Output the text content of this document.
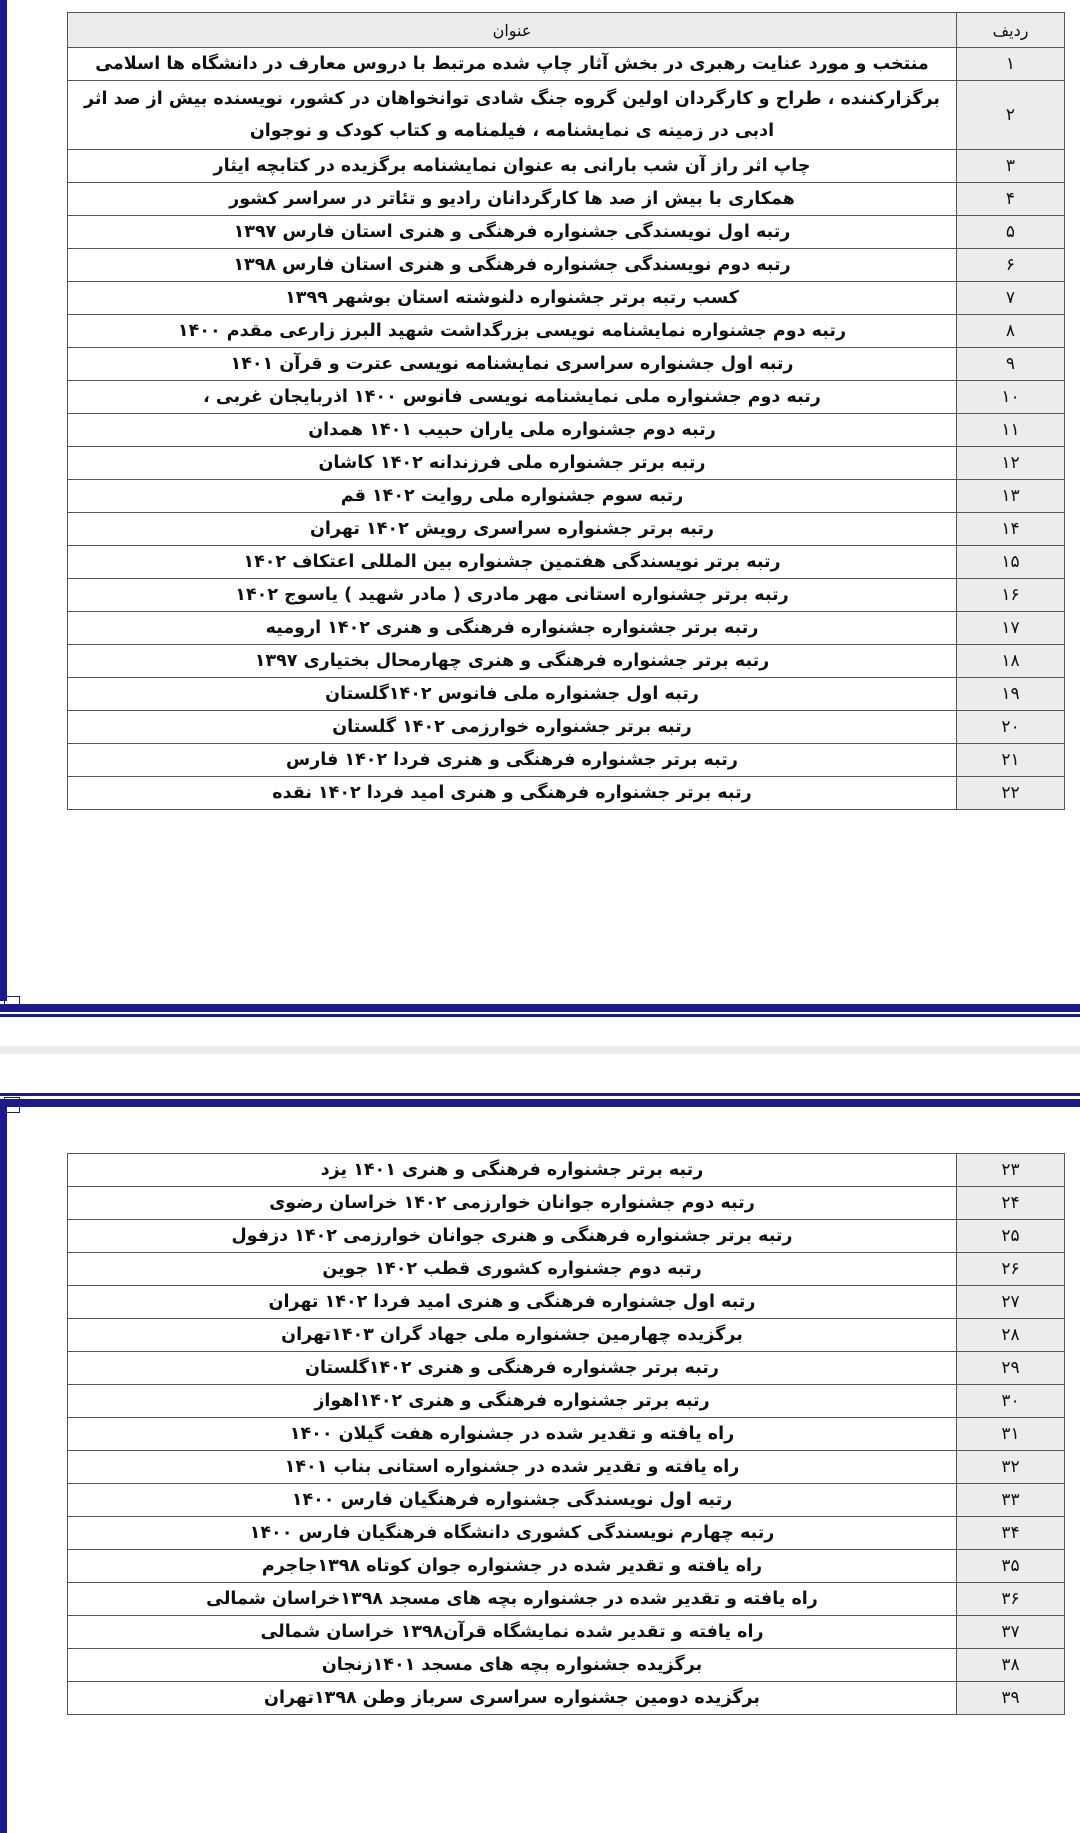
ردیف	عنوان
۱	منتخب و مورد عنایت رهبری در بخش آثار چاپ شده مرتبط با دروس معارف در دانشگاه ها اسلامی

۲	برگزارکننده ، طراح و کارگردان اولین گروه جنگ شادی توانخواهان در کشور، نویسنده بیش از صد اثر ادبی در زمینه ی نمایشنامه ، فیلمنامه و کتاب کودک و نوجوان

۳	چاپ اثر راز آن شب بارانی به عنوان نمایشنامه برگزیده در کتابچه ایثار

۴	همکاری با بیش از صد ها کارگردانان رادیو و تئاتر در سراسر کشور

۵	رتبه اول نویسندگی جشنواره فرهنگی و هنری استان فارس ۱۳۹۷

۶	رتبه دوم نویسندگی جشنواره فرهنگی و هنری استان فارس ۱۳۹۸

۷	کسب رتبه برتر جشنواره دلنوشته استان بوشهر ۱۳۹۹

۸	رتبه دوم جشنواره نمایشنامه نویسی بزرگداشت شهید البرز زارعی مقدم ۱۴۰۰

۹	رتبه اول جشنواره سراسری نمایشنامه نویسی عترت و قرآن ۱۴۰۱

۱۰	رتبه دوم جشنواره ملی نمایشنامه نویسی فانوس ۱۴۰۰ اذربایجان غربی ،

۱۱	رتبه دوم جشنواره ملی یاران حبیب ۱۴۰۱ همدان

۱۲	رتبه برتر جشنواره ملی فرزندانه ۱۴۰۲ کاشان

۱۳	رتبه سوم جشنواره ملی روایت ۱۴۰۲ قم

۱۴	رتبه برتر جشنواره سراسری رویش ۱۴۰۲ تهران

۱۵	رتبه برتر نویسندگی هفتمین جشنواره بین المللی اعتکاف ۱۴۰۲

۱۶	رتبه برتر جشنواره استانی مهر مادری ( مادر شهید ) یاسوج ۱۴۰۲

۱۷	رتبه برتر جشنواره جشنواره فرهنگی و هنری ۱۴۰۲ ارومیه

۱۸	رتبه برتر جشنواره فرهنگی و هنری چهارمحال بختیاری ۱۳۹۷

۱۹	رتبه اول جشنواره ملی فانوس ۱۴۰۲گلستان

۲۰	رتبه برتر جشنواره خوارزمی ۱۴۰۲ گلستان

۲۱	رتبه برتر جشنواره فرهنگی و هنری فردا ۱۴۰۲ فارس

۲۲	رتبه برتر جشنواره فرهنگی و هنری امید فردا ۱۴۰۲ نقده
۲۳	رتبه برتر جشنواره فرهنگی و هنری ۱۴۰۱ یزد

۲۴	رتبه دوم جشنواره جوانان خوارزمی ۱۴۰۲ خراسان رضوی

۲۵	رتبه برتر جشنواره فرهنگی و هنری جوانان خوارزمی ۱۴۰۲ دزفول

۲۶	رتبه دوم جشنواره کشوری قطب ۱۴۰۲ جوین

۲۷	رتبه اول جشنواره فرهنگی و هنری امید فردا ۱۴۰۲ تهران

۲۸	برگزیده چهارمین جشنواره ملی جهاد گران ۱۴۰۳تهران

۲۹	رتبه برتر جشنواره فرهنگی و هنری ۱۴۰۲گلستان

۳۰	رتبه برتر جشنواره فرهنگی و هنری ۱۴۰۲اهواز

۳۱	راه یافته و تقدیر شده در جشنواره هفت گیلان ۱۴۰۰

۳۲	راه یافته و تقدیر شده در جشنواره استانی بناب ۱۴۰۱

۳۳	رتبه اول نویسندگی جشنواره فرهنگیان فارس ۱۴۰۰

۳۴	رتبه چهارم نویسندگی کشوری دانشگاه فرهنگیان فارس ۱۴۰۰

۳۵	راه یافته و تقدیر شده در جشنواره جوان کوتاه ۱۳۹۸جاجرم

۳۶	راه یافته و تقدیر شده در جشنواره بچه های مسجد ۱۳۹۸خراسان شمالی

۳۷	راه یافته و تقدیر شده نمایشگاه قرآن۱۳۹۸ خراسان شمالی

۳۸	برگزیده جشنواره بچه های مسجد ۱۴۰۱زنجان

۳۹	برگزیده دومین جشنواره سراسری سرباز وطن ۱۳۹۸تهران
